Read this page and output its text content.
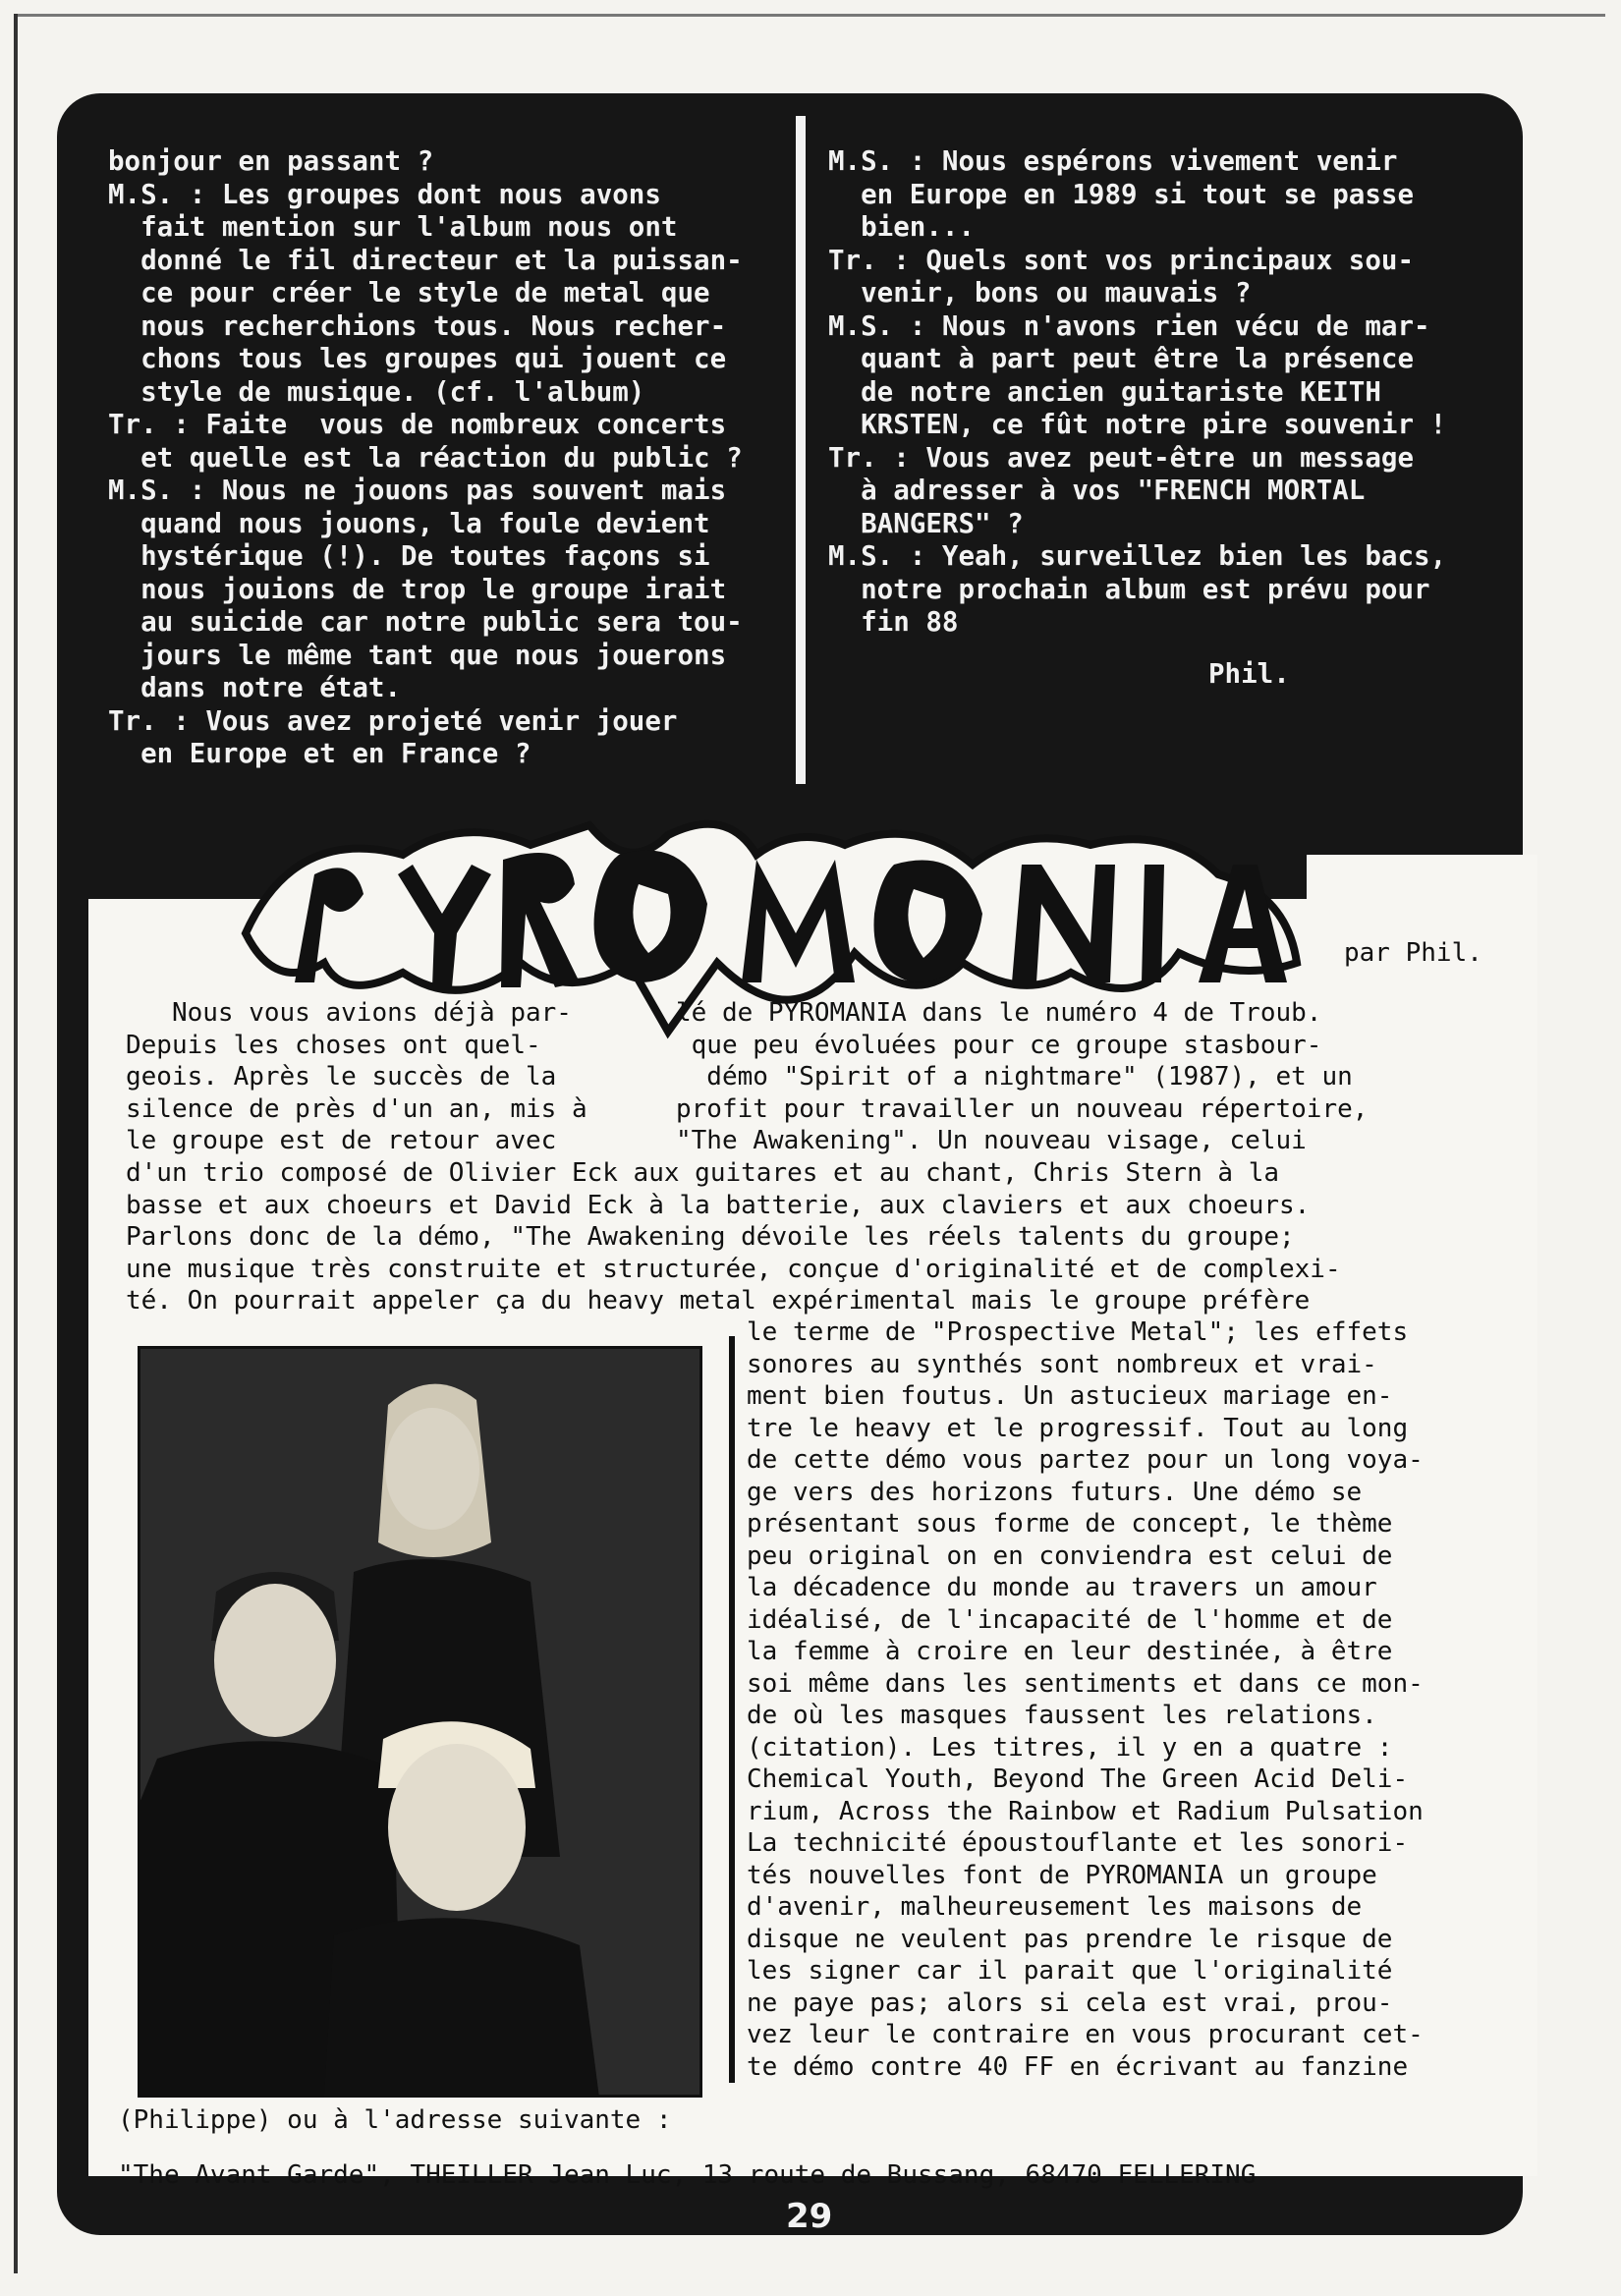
bonjour en passant ?
M.S. : Les groupes dont nous avons
fait mention sur l'album nous ont
donné le fil directeur et la puissan-
ce pour créer le style de metal que
nous recherchions tous. Nous recher-
chons tous les groupes qui jouent ce
style de musique. (cf. l'album)
Tr. : Faite  vous de nombreux concerts
et quelle est la réaction du public ?
M.S. : Nous ne jouons pas souvent mais
quand nous jouons, la foule devient
hystérique (!). De toutes façons si
nous jouions de trop le groupe irait
au suicide car notre public sera tou-
jours le même tant que nous jouerons
dans notre état.
Tr. : Vous avez projeté venir jouer
en Europe et en France ?
M.S. : Nous espérons vivement venir
en Europe en 1989 si tout se passe
bien...
Tr. : Quels sont vos principaux sou-
venir, bons ou mauvais ?
M.S. : Nous n'avons rien vécu de mar-
quant à part peut être la présence
de notre ancien guitariste KEITH
KRSTEN, ce fût notre pire souvenir !
Tr. : Vous avez peut-être un message
à adresser à vos "FRENCH MORTAL
BANGERS" ?
M.S. : Yeah, surveillez bien les bacs,
notre prochain album est prévu pour
fin 88
Phil.
par Phil.
Nous vous avions déjà par-
Depuis les choses ont quel-
geois. Après le succès de la
silence de près d'un an, mis à
le groupe est de retour avec
lé de PYROMANIA dans le numéro 4 de Troub.
que peu évoluées pour ce groupe stasbour-
démo "Spirit of a nightmare" (1987), et un
profit pour travailler un nouveau répertoire,
"The Awakening". Un nouveau visage, celui
d'un trio composé de Olivier Eck aux guitares et au chant, Chris Stern à la
basse et aux choeurs et David Eck à la batterie, aux claviers et aux choeurs.
Parlons donc de la démo, "The Awakening dévoile les réels talents du groupe;
une musique très construite et structurée, conçue d'originalité et de complexi-
té. On pourrait appeler ça du heavy metal expérimental mais le groupe préfère
le terme de "Prospective Metal"; les effets
sonores au synthés sont nombreux et vrai-
ment bien foutus. Un astucieux mariage en-
tre le heavy et le progressif. Tout au long
de cette démo vous partez pour un long voya-
ge vers des horizons futurs. Une démo se
présentant sous forme de concept, le thème
peu original on en conviendra est celui de
la décadence du monde au travers un amour
idéalisé, de l'incapacité de l'homme et de
la femme à croire en leur destinée, à être
soi même dans les sentiments et dans ce mon-
de où les masques faussent les relations.
(citation). Les titres, il y en a quatre :
Chemical Youth, Beyond The Green Acid Deli-
rium, Across the Rainbow et Radium Pulsation
La technicité époustouflante et les sonori-
tés nouvelles font de PYROMANIA un groupe
d'avenir, malheureusement les maisons de
disque ne veulent pas prendre le risque de
les signer car il parait que l'originalité
ne paye pas; alors si cela est vrai, prou-
vez leur le contraire en vous procurant cet-
te démo contre 40 FF en écrivant au fanzine
(Philippe) ou à l'adresse suivante :
"The Avant Garde", THEILLER Jean Luc, 13 route de Bussang, 68470 FELLERING
29
